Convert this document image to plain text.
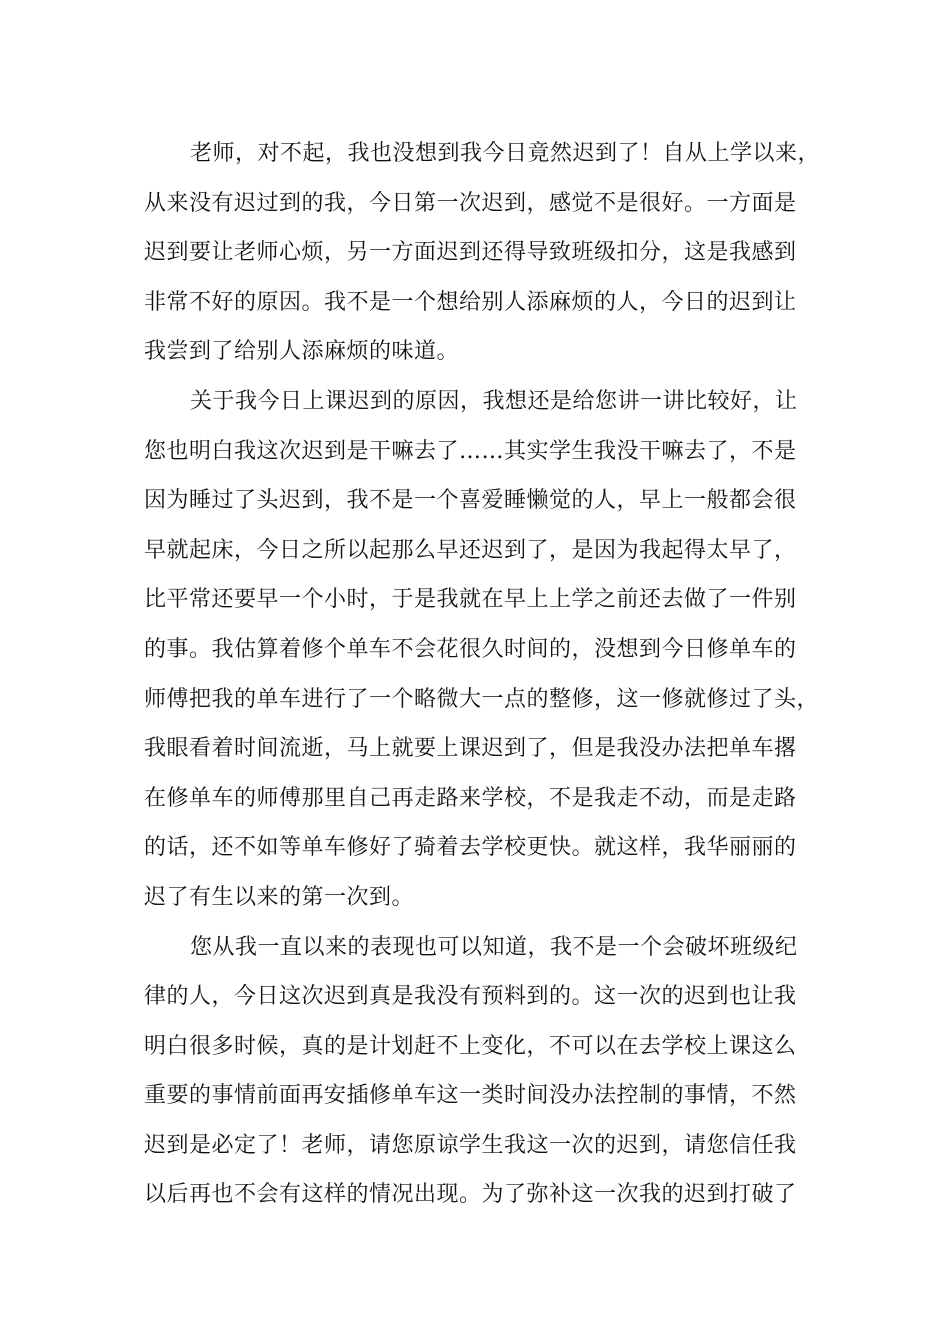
老师，对不起，我也没想到我今日竟然迟到了！自从上学以来，
从来没有迟过到的我，今日第一次迟到，感觉不是很好。一方面是
迟到要让老师心烦，另一方面迟到还得导致班级扣分，这是我感到
非常不好的原因。我不是一个想给别人添麻烦的人，今日的迟到让
我尝到了给别人添麻烦的味道。
关于我今日上课迟到的原因，我想还是给您讲一讲比较好，让
您也明白我这次迟到是干嘛去了……其实学生我没干嘛去了，不是
因为睡过了头迟到，我不是一个喜爱睡懒觉的人，早上一般都会很
早就起床，今日之所以起那么早还迟到了，是因为我起得太早了，
比平常还要早一个小时，于是我就在早上上学之前还去做了一件别
的事。我估算着修个单车不会花很久时间的，没想到今日修单车的
师傅把我的单车进行了一个略微大一点的整修，这一修就修过了头，
我眼看着时间流逝，马上就要上课迟到了，但是我没办法把单车撂
在修单车的师傅那里自己再走路来学校，不是我走不动，而是走路
的话，还不如等单车修好了骑着去学校更快。就这样，我华丽丽的
迟了有生以来的第一次到。
您从我一直以来的表现也可以知道，我不是一个会破坏班级纪
律的人，今日这次迟到真是我没有预料到的。这一次的迟到也让我
明白很多时候，真的是计划赶不上变化，不可以在去学校上课这么
重要的事情前面再安插修单车这一类时间没办法控制的事情，不然
迟到是必定了！老师，请您原谅学生我这一次的迟到，请您信任我
以后再也不会有这样的情况出现。为了弥补这一次我的迟到打破了
